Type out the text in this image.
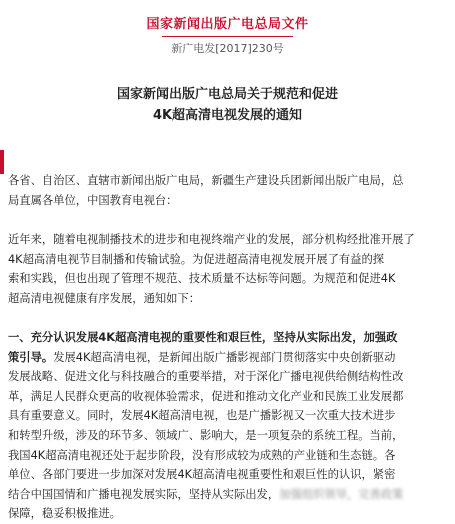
国家新闻出版广电总局文件
新广电发[2017]230号
国家新闻出版广电总局关于规范和促进
4K超高清电视发展的通知
各省、自治区、直辖市新闻出版广电局，新疆生产建设兵团新闻出版广电局，总
局直属各单位，中国教育电视台：
近年来，随着电视制播技术的进步和电视终端产业的发展，部分机构经批准开展了
4K超高清电视节目制播和传输试验。为促进超高清电视发展开展了有益的探
索和实践，但也出现了管理不规范、技术质量不达标等问题。为规范和促进4K
超高清电视健康有序发展，通知如下：
一、充分认识发展4K超高清电视的重要性和艰巨性，坚持从实际出发，加强政
策引导。发展4K超高清电视，是新闻出版广播影视部门贯彻落实中央创新驱动
发展战略、促进文化与科技融合的重要举措，对于深化广播电视供给侧结构性改
革，满足人民群众更高的收视体验需求，促进和推动文化产业和民族工业发展都
具有重要意义。同时，发展4K超高清电视，也是广播影视又一次重大技术进步
和转型升级，涉及的环节多、领域广、影响大，是一项复杂的系统工程。当前，
我国4K超高清电视还处于起步阶段，没有形成较为成熟的产业链和生态链。各
单位、各部门要进一步加深对发展4K超高清电视重要性和艰巨性的认识，紧密
结合中国国情和广播电视发展实际，坚持从实际出发，加强组织领导，完善政策
保障，稳妥积极推进。
